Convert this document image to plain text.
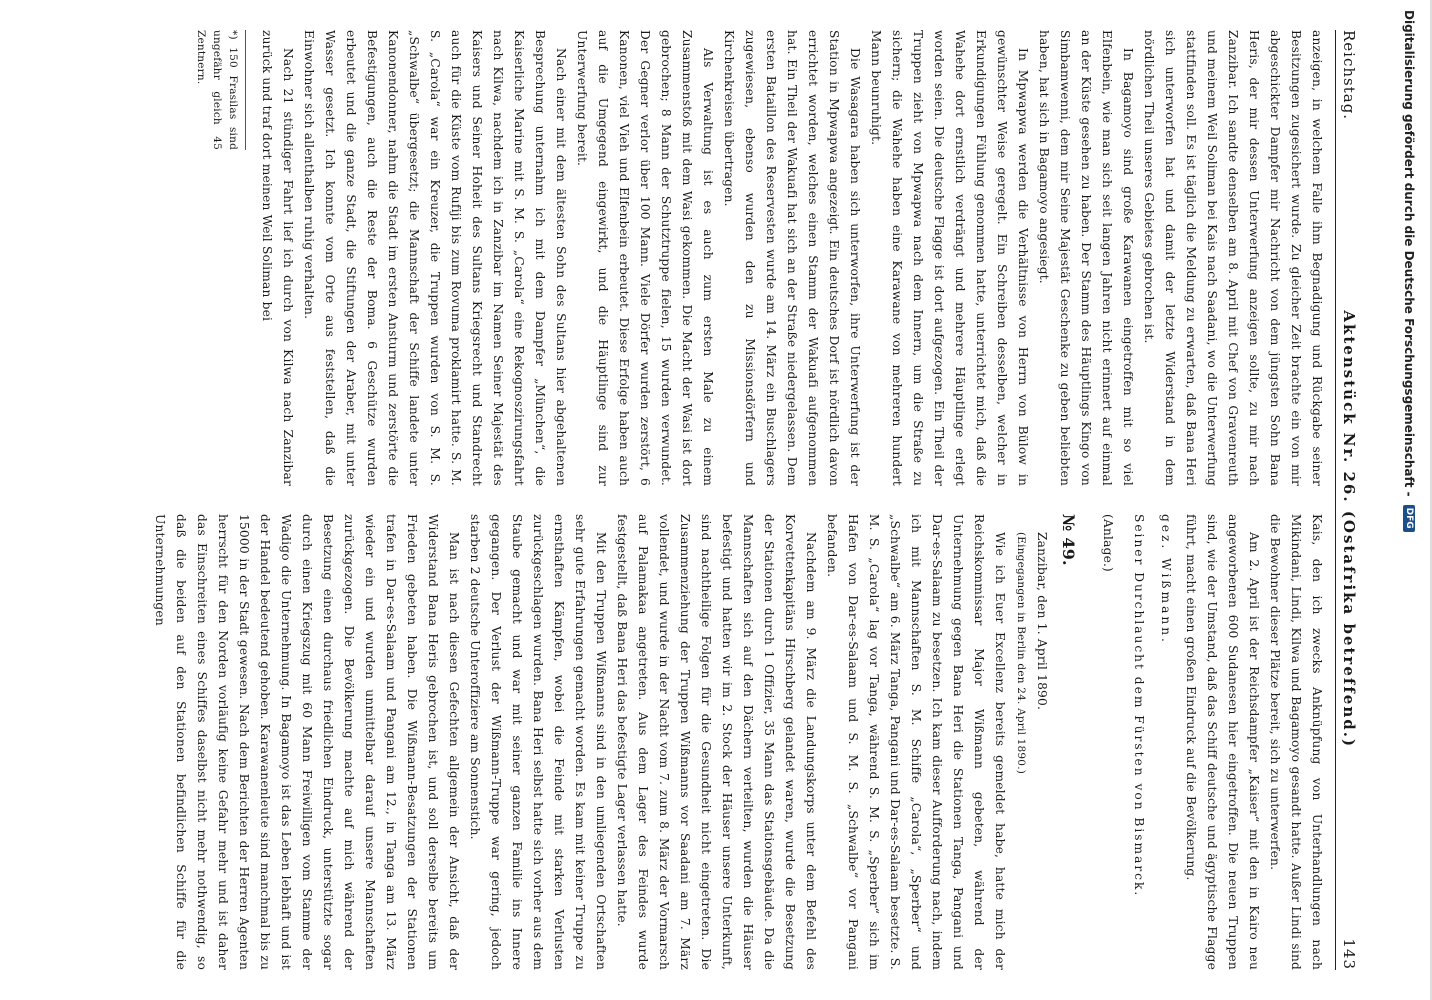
Reichstag.
Aktenstück Nr. 26. (Ostafrika betreffend.)
143

anzeigen, in welchem Falle ihm Begnadigung und Rückgabe seiner Besitzungen zugesichert wurde. Zu gleicher Zeit brachte ein von mir abgeschickter Dampfer mir Nachricht von dem jüngsten Sohn Bana Heris, der mir dessen Unterwerfung anzeigen sollte, zu mir nach Zanzibar. Ich sandte denselben am 8. April mit Chef von Gravenreuth und meinem Weil Soliman bei Kais nach Saadani, wo die Unterwerfung stattfinden soll. Es ist täglich die Meldung zu erwarten, daß Bana Heri sich unterworfen hat und damit der letzte Widerstand in dem nördlichen Theil unseres Gebietes gebrochen ist.

In Bagamoyo sind große Karawanen eingetroffen mit so viel Elfenbein, wie man sich seit langen Jahren nicht erinnert auf einmal an der Küste gesehen zu haben. Der Stamm des Häuptlings Kingo von Simbamwenni, dem mir Seine Majestät Geschenke zu geben beliebten haben, hat sich in Bagamoyo angesiegt.

In Mpwapwa werden die Verhältnisse von Herrn von Bülow in gewünschter Weise geregelt. Ein Schreiben desselben, welcher in Erkundigungen Fühlung genommen hatte, unterrichtet mich, daß die Wahehe dort ernstlich verdrängt und mehrere Häuptlinge erlegt worden seien. Die deutsche Flagge ist dort aufgezogen. Ein Theil der Truppen zieht von Mpwapwa nach dem Innern, um die Straße zu sichern; die Wahehe haben eine Karawane von mehreren hundert Mann beunruhigt.

Die Wasagara haben sich unterworfen, ihre Unterwerfung ist der Station in Mpwapwa angezeigt. Ein deutsches Dorf ist nördlich davon errichtet worden, welches einen Stamm der Wakuafi aufgenommen hat. Ein Theil der Wakuafi hat sich an der Straße niedergelassen. Dem ersten Bataillon des Reservesten wurde am 14. März ein Buschlagers zugewiesen, ebenso wurden den zu Missionsdörfern und Kirchenkreisen übertragen.

Als Verwaltung ist es auch zum ersten Male zu einem Zusammenstoß mit dem Wasi gekommen. Die Macht der Wasi ist dort gebrochen; 8 Mann der Schutztruppe fielen, 15 wurden verwundet. Der Gegner verlor über 100 Mann. Viele Dörfer wurden zerstört, 6 Kanonen, viel Vieh und Elfenbein erbeutet. Diese Erfolge haben auch auf die Umgegend eingewirkt, und die Häuptlinge sind zur Unterwerfung bereit.

Nach einer mit dem ältesten Sohn des Sultans hier abgehaltenen Besprechung unternahm ich mit dem Dampfer „München“, die Kaiserliche Marine mit S. M. S. „Carola“ eine Rekognoszirungsfahrt nach Kilwa, nachdem ich in Zanzibar im Namen Seiner Majestät des Kaisers und Seiner Hoheit des Sultans Kriegsrecht und Standrecht auch für die Küste vom Rufiji bis zum Rovuma proklamirt hatte. S. M. S. „Carola“ war ein Kreuzer, die Truppen wurden von S. M. S. „Schwalbe“ übergesetzt; die Mannschaft der Schiffe landete unter Kanonendonner, nahm die Stadt im ersten Ansturm und zerstörte die Befestigungen, auch die Reste der Boma. 6 Geschütze wurden erbeutet und die ganze Stadt, die Stiftungen der Araber, mit unter Wasser gesetzt. Ich konnte vom Orte aus feststellen, daß die Einwohner sich allenthalben ruhig verhalten.

Nach 21 stündiger Fahrt lief ich durch von Kilwa nach Zanzibar zurück und traf dort meinen Weil Soliman bei

*) 150 Frasilas sind ungefähr gleich 45 Zentnern.

Kais, den ich zwecks Anknüpfung von Unterhandlungen nach Mikindani, Lindi, Kilwa und Bagamoyo gesandt hatte. Außer Lindi sind die Bewohner dieser Plätze bereit, sich zu unterwerfen.

Am 2. April ist der Reichsdampfer „Kaiser“ mit den in Kairo neu angeworbenen 600 Sudanesen hier eingetroffen. Die neuen Truppen sind, wie der Umstand, daß das Schiff deutsche und ägyptische Flagge führt, macht einen großen Eindruck auf die Bevölkerung.

gez. Wißmann.
Seiner Durchlaucht dem Fürsten von Bismarck.
(Anlage.)
№ 49.

Zanzibar, den 1. April 1890.

(Eingegangen in Berlin den 24. April 1890.)

Wie ich Euer Excellenz bereits gemeldet habe, hatte mich der Reichskommissar Major Wißmann gebeten, während der Unternehmung gegen Bana Heri die Stationen Tanga, Pangani und Dar-es-Salaam zu besetzen. Ich kam dieser Aufforderung nach, indem ich mit Mannschaften S. M. Schiffe „Carola“, „Sperber“ und „Schwalbe“ am 6. März Tanga, Pangani und Dar-es-Salaam besetzte. S. M. S. „Carola“ lag vor Tanga, während S. M. S. „Sperber“ sich im Hafen von Dar-es-Salaam und S. M. S. „Schwalbe“ vor Pangani befanden.

Nachdem am 9. März die Landungskorps unter dem Befehl des Korvettenkapitäns Hirschberg gelandet waren, wurde die Besetzung der Stationen durch 1 Offizier, 35 Mann das Stationsgebäude. Da die Mannschaften sich auf den Dächern verteilten, wurden die Häuser befestigt und hatten wir im 2. Stock der Häuser unsere Unterkunft, sind nachtheilige Folgen für die Gesundheit nicht eingetreten. Die Zusammenziehung der Truppen Wißmanns vor Saadani am 7. März vollendet, und wurde in der Nacht vom 7. zum 8. März der Vormarsch auf Palamakaa angetreten. Aus dem Lager des Feindes wurde festgestellt, daß Bana Heri das befestigte Lager verlassen hatte.

Mit den Truppen Wißmanns sind in den umliegenden Ortschaften sehr gute Erfahrungen gemacht worden. Es kam mit keiner Truppe zu ernsthaften Kämpfen, wobei die Feinde mit starken Verlusten zurückgeschlagen wurden. Bana Heri selbst hatte sich vorher aus dem Staube gemacht und war mit seiner ganzen Familie ins Innere gegangen. Der Verlust der Wißmann-Truppe war gering, jedoch starben 2 deutsche Unteroffiziere am Sonnenstich.

Man ist nach diesen Gefechten allgemein der Ansicht, daß der Widerstand Bana Heris gebrochen ist, und soll derselbe bereits um Frieden gebeten haben. Die Wißmann-Besatzungen der Stationen trafen in Dar-es-Salaam und Pangani am 12., in Tanga am 13. März wieder ein und wurden unmittelbar darauf unsere Mannschaften zurückgezogen. Die Bevölkerung machte auf mich während der Besetzung einen durchaus friedlichen Eindruck, unterstützte sogar durch einen Kriegszug mit 60 Mann Freiwilligen vom Stamme der Wadigo die Unternehmung. In Bagamoyo ist das Leben lebhaft und ist der Handel bedeutend gehoben. Karawanenleute sind manchmal bis zu 15000 in der Stadt gewesen. Nach dem Berichten der Herren Agenten herrscht für den Norden vorläufig keine Gefahr mehr und ist daher das Einschreiten eines Schiffes daselbst nicht mehr nothwendig, so daß die beiden auf den Stationen befindlichen Schiffe für die Unternehmungen

Digitalisierung gefördert durch die Deutsche Forschungsgemeinschaft -
DFG
